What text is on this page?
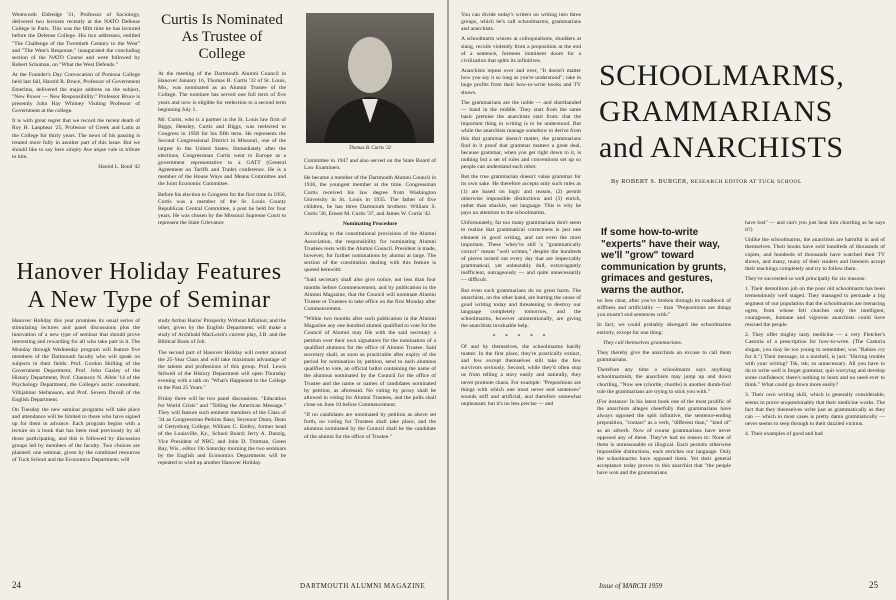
Wentworth Eldredge '31, Professor of Sociology, delivered two lectures recently at the NATO Defense College in Paris. This was the fifth time he has lectured before the Defense College. His two addresses, entitled "The Challenge of the Twentieth Century to the West" and "The West's Response," inaugurated the concluding section of the NATO Course and were followed by Robert Schuman, on "What the West Defends."

At the Founder's Day Convocation of Pomona College held last fall, Harold R. Bruce, Professor of Government Emeritus, delivered the major address on the subject, "New Power — New Responsibility." Professor Bruce is presently John Hay Whitney Visiting Professor of Government at the college.

It is with great regret that we record the recent death of Roy H. Lanphear '25, Professor of Greek and Latin at the College for thirty years. The news of his passing is treated more fully in another part of this issue. But we should like to say here simply Ave atque vale in tribute to him.

Harold L. Bond '42

Curtis Is Nominated As Trustee of College

At the meeting of the Dartmouth Alumni Council in Hanover January 16, Thomas B. Curtis '32 of St. Louis, Mo., was nominated as an Alumni Trustee of the College. The nominee has served one full term of five years and now is eligible for reelection to a second term beginning July 1.

Mr. Curtis, who is a partner in the St. Louis law firm of Biggs, Hensley, Curtis and Biggs, was reelected to Congress in 1958 for his fifth term. He represents the Second Congressional District in Missouri, one of the largest in the United States. Immediately after the elections, Congressman Curtis went to Europe as a government representative to a GATT (General Agreement on Tariffs and Trade) conference. He is a member of the House Ways and Means Committee and the Joint Economic Committee.

Before his election to Congress for the first time in 1950, Curtis was a member of the St. Louis County Republican Central Committee, a post he held for four years. He was chosen by the Missouri Supreme Court to represent the State Grievance

Thomas B. Curtis '32

Committee in 1947 and also served on the State Board of Law Examiners.

He became a member of the Dartmouth Alumni Council in 1936, the youngest member at the time. Congressman Curtis received his law degree from Washington University in St. Louis in 1935. The father of five children, he has three Dartmouth brothers: William S. Curtis '36, Ernest M. Curtis '37, and James W. Curtis '42.

Nominating Procedure

According to the constitutional provisions of the Alumni Association, the responsibility for nominating Alumni Trustees rests with the Alumni Council. President is made, however, for further nominations by alumni at large. The section of the constitution dealing with this feature is quoted herewith:

"Said secretary shall also give notice, not less than four months before Commencement, and by publication in the Alumni Magazine, that the Council will nominate Alumni Trustee or Trustees to take office on the first Monday after Commencement.

"Within two months after such publication in the Alumni Magazine any one hundred alumni qualified to vote for the Council of Alumni may file with the said secretary a petition over their own signatures for the nomination of a qualified alumnus for the office of Alumni Trustee. Said secretary shall, as soon as practicable after expiry of the period for nomination by petition, send to each alumnus qualified to vote, an official ballot containing the name of the alumnus nominated by the Council for the office of Trustee and the name or names of candidates nominated by petition, as aforesaid. No voting by proxy shall be allowed in voting for Alumni Trustees, and the polls shall close on June 10 before Commencement.

"If no candidates are nominated by petition as above set forth, no voting for Trustees shall take place, and the alumnus nominated by the Council shall be the candidate of the alumni for the office of Trustee."

Hanover Holiday Features A New Type of Seminar

Hanover Holiday this year promises its usual series of stimulating lectures and panel discussions plus the innovation of a new type of seminar that should prove interesting and rewarding for all who take part in it. The Monday through Wednesday program will feature five members of the Dartmouth faculty who will speak on subjects in their fields: Prof. Gordon Skilling of the Government Department, Prof. John Gazley of the History Department, Prof. Chauncey N. Allen '14 of the Psychology Department, the College's arctic consultant, Vilhjalmur Stefansson, and Prof. Severn Duvall of the English Department.

On Tuesday the new seminar programs will take place and attendance will be limited to those who have signed up for them in advance. Each program begins with a lecture on a book that has been read previously by all those participating, and this is followed by discussion groups led by members of the faculty. Two choices are planned: one seminar, given by the combined resources of Tuck School and the Economics Department, will

study Arthur Burns' Prosperity Without Inflation; and the other, given by the English Department, will make a study of Archibald MacLeish's current play, J.B. and the Biblical Book of Job.

The second part of Hanover Holiday will center around the 25-Year Class and will take maximum advantage of the talents and professions of this group. Prof. Lewis Stilwell of the History Department will open Thursday evening with a talk on "What's Happened to the College in the Past 25 Years."

Friday there will be two panel discussions. "Education for World Crisis" and "Telling the American Message." They will feature such eminent members of the Class of '34 as Congressman Perkins Bass; Seymour Dunn, Dean of Gettysburg College; William C. Embry, former head of the Louisville, Ky., School Board; Jerry A. Danzig, Vice President of NBC; and John D. Trotman, Green Bay, Wis., editor. On Saturday morning the two seminars by the English and Economics Departments will be repeated to wind up another Hanover Holiday.

24	DARTMOUTH ALUMNI MAGAZINE

You can divide today's writers on writing into three groups, which let's call schoolmarms, grammarians and anarchists.

A schoolmarm winces at colloquialisms, shudders at slang, recoils violently from a preposition at the end of a sentence, foresees imminent doom for a civilization that splits its infinitives.

Anarchists repeat over and over, "It doesn't matter how you say it so long as you're understood"; rake in huge profits from their how-to-write books and TV shows.

The grammarians are the noble — and shorthanded — band in the middle. They start from the same basic premise the anarchists start from: that the important thing in writing is to be understood. But while the anarchists manage somehow to derive from this that grammar doesn't matter, the grammarians find in it proof that grammar matters a great deal, because grammar, when you get right down to it, is nothing but a set of rules and conventions set up so people can understand each other.

But the true grammarian doesn't value grammar for its own sake. He therefore accepts only such rules as (1) are based on logic and reason, (2) permit otherwise impossible distinctions and (3) enrich, rather than shackle, our language. This is why he pays no attention to the schoolmarms.

Unfortunately, far too many grammarians don't seem to realize that grammatical correctness is just one element in good writing, and not even the most important. These 'whey've still 'a "grammatically correct" meant "well written," despite the hundreds of pieces turned out every day that are impeccably grammatical, yet unbearably dull, extravagantly inefficient, outrageously — and quite unnecessarily — difficult.

But even such grammarians do no great harm. The anarchists, on the other hand, are hurting the cause of good writing today and threatening to destroy our language completely tomorrow, and the schoolmarms, however unintentionally, are giving the anarchists invaluable help.

* * * * *

Of and by themselves, the schoolmarms hardly matter. In the first place, they're practically extinct, and few except themselves still take the few survivors seriously. Second, while they'd often stop us from telling a story easily and naturally, they never promote chaos. For example: "Prepositions are things with which one must never end sentences" sounds stiff and artificial, and therefore somewhat unpleasant; but it's no less precise — and

SCHOOLMARMS, GRAMMARIANS and ANARCHISTS
By ROBERT S. BURGER, RESEARCH EDITOR AT TUCK SCHOOL
If some how-to-write "experts" have their way, we'll "grow" toward communication by grunts, grimaces and gestures, warns the author.

no less clear, after you've broken through its roadblock of stiffness and artificiality — than "Prepositions are things you mustn't end sentences with."

In fact, we could probably disregard the schoolmarms entirely, except for one thing:

They call themselves grammarians.

They thereby give the anarchists an excuse to call them grammarians.

Therefore any time a schoolmarm says anything schoolmarmish, the anarchists may jump up and down chortling, "Now see (chortle, chortle) is another dumb-fool rule the grammarians are trying to stick you with."

(For instance: In his latest book one of the most prolific of the anarchists alleges cheerfully that grammarians have always opposed the split infinitive, the sentence-ending preposition, "contact" as a verb, "different than," "kind of" as an adverb. Now of course grammarians have never opposed any of these. They've had no reason to: None of them is unreasonable or illogical. Each permits otherwise impossible distinctions, each enriches our language. Only the schoolmarms have opposed them. Yet their general acceptance today proves to this anarchist that "the people have won and the grammarians

have lost" — and can't you just hear him chortling as he says it?)

Unlike the schoolmarms, the anarchists are harmful in and of themselves. Their books have sold hundreds of thousands of copies, and hundreds of thousands have watched their TV shows, and many, many of their readers and listeners accept their teachings completely and try to follow them.

They've succeeded so well principally for six reasons:

1. Their demolition job on the poor old schoolmarm has been tremendously well staged. They managed to persuade a big segment of our population that the schoolmarms are menacing ogres, from whose fell clutches only the intelligent, courageous, humane and vigorous anarchists could have rescued the people.

2. They offer mighty tasty medicine — a very Fletcher's Castoria of a prescription for how-to-write. (The Castoria slogan, you may be too young to remember, was "Babies cry for it.") Their message, in a nutshell, is just: "Having trouble with your writing? Tsk, tsk; so unnecessary. All you have to do to write well is forget grammar, quit worrying and develop some confidence; there's nothing to learn and no need ever to think." What could go down more easily?

3. Their own writing skill, which is generally considerable, seems to prove unquestionably that their medicine works. The fact that they themselves write just as grammatically as they can — which in most cases is pretty damn grammatically — never seems to seep through to their dazzled victims.

4. Their examples of good and bad

Issue of MARCH 1959	25
